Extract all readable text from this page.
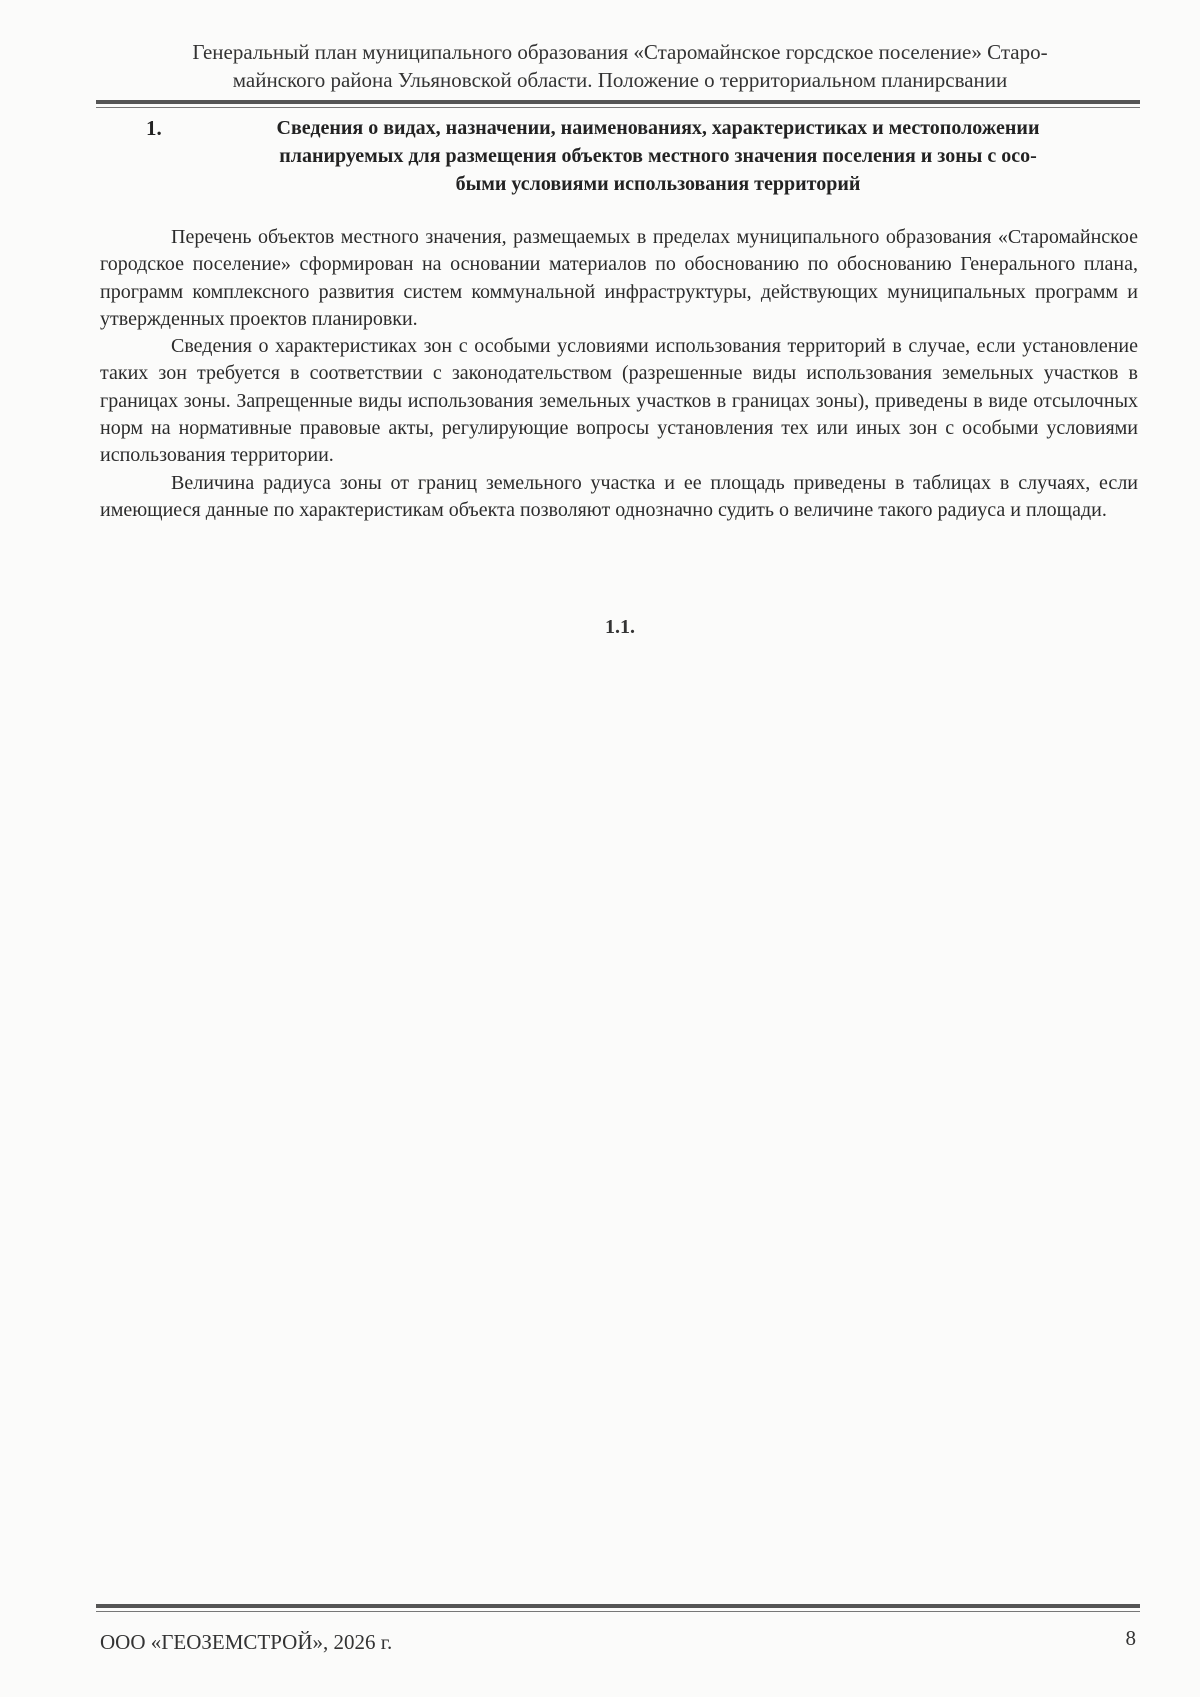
Генеральный план муниципального образования «Старомайнское горсдское поселение» Старо-
майнского района Ульяновской области. Положение о территориальном планирсвании
1.	Сведения о видах, назначении, наименованиях, характеристиках и местоположении
планируемых для размещения объектов местного значения поселения и зоны с осо-
быми условиями использования территорий

Перечень объектов местного значения, размещаемых в пределах муниципального образования «Старомайнское городское поселение» сформирован на основании материалов по обоснованию по обоснованию Генерального плана, программ комплексного развития систем коммунальной инфраструктуры, действующих муниципальных программ и утвержденных проектов планировки.

Сведения о характеристиках зон с особыми условиями использования территорий в случае, если установление таких зон требуется в соответствии с законодательством (разрешенные виды использования земельных участков в границах зоны. Запрещенные виды использования земельных участков в границах зоны), приведены в виде отсылочных норм на нормативные правовые акты, регулирующие вопросы установления тех или иных зон с особыми условиями использования территории.

Величина радиуса зоны от границ земельного участка и ее площадь приведены в таблицах в случаях, если имеющиеся данные по характеристикам объекта позволяют однозначно судить о величине такого радиуса и площади.

1.1.
ООО «ГЕОЗЕМСТРОЙ», 2026 г.	8
